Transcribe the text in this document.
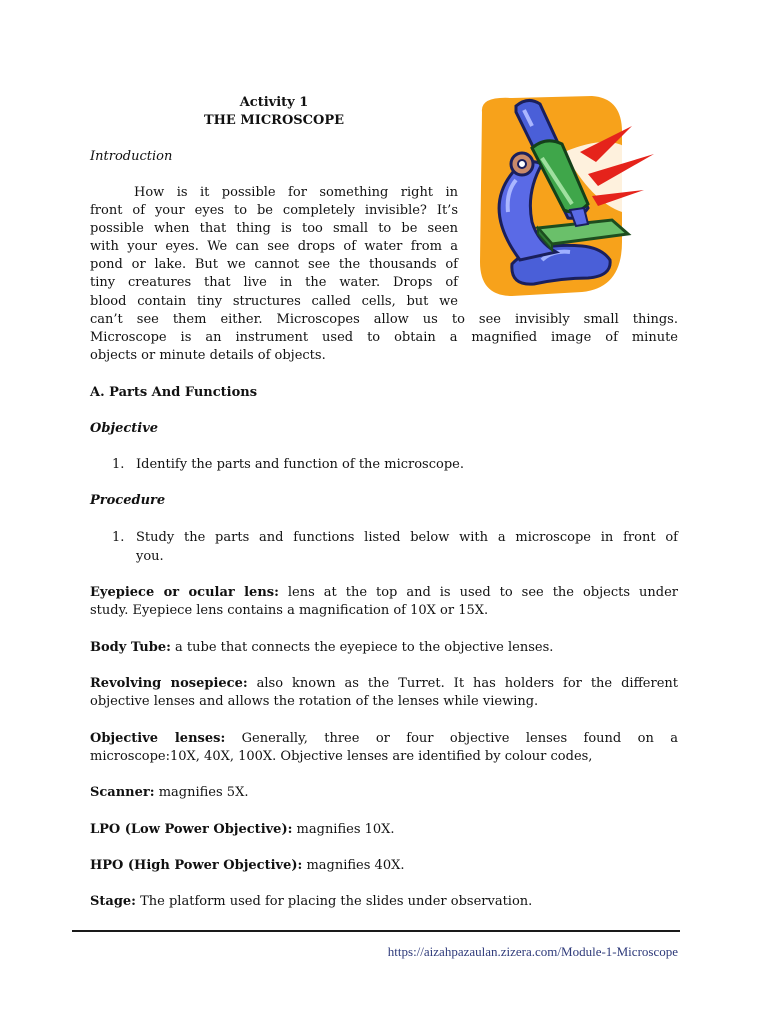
Activity 1
THE MICROSCOPE
Introduction
How is it possible for something right in
front of your eyes to be completely invisible? It’s
possible when that thing is too small to be seen
with your eyes. We can see drops of water from a
pond or lake. But we cannot see the thousands of
tiny creatures that live in the water. Drops of
blood contain tiny structures called cells, but we
can’t see them either. Microscopes allow us to see invisibly small things.
Microscope is an instrument used to obtain a magnified image of minute
objects or minute details of objects.
A. Parts And Functions
Objective
1. Identify the parts and function of the microscope.
Procedure
1. Study the parts and functions listed below with a microscope in front of
you.
Eyepiece or ocular lens: lens at the top and is used to see the objects under
study. Eyepiece lens contains a magnification of 10X or 15X.
Body Tube: a tube that connects the eyepiece to the objective lenses.
Revolving nosepiece: also known as the Turret. It has holders for the different
objective lenses and allows the rotation of the lenses while viewing.
Objective lenses: Generally, three or four objective lenses found on a
microscope:10X, 40X, 100X. Objective lenses are identified by colour codes,
Scanner: magnifies 5X.
LPO (Low Power Objective): magnifies 10X.
HPO (High Power Objective): magnifies 40X.
Stage: The platform used for placing the slides under observation.
https://aizahpazaulan.zizera.com/Module-1-Microscope
